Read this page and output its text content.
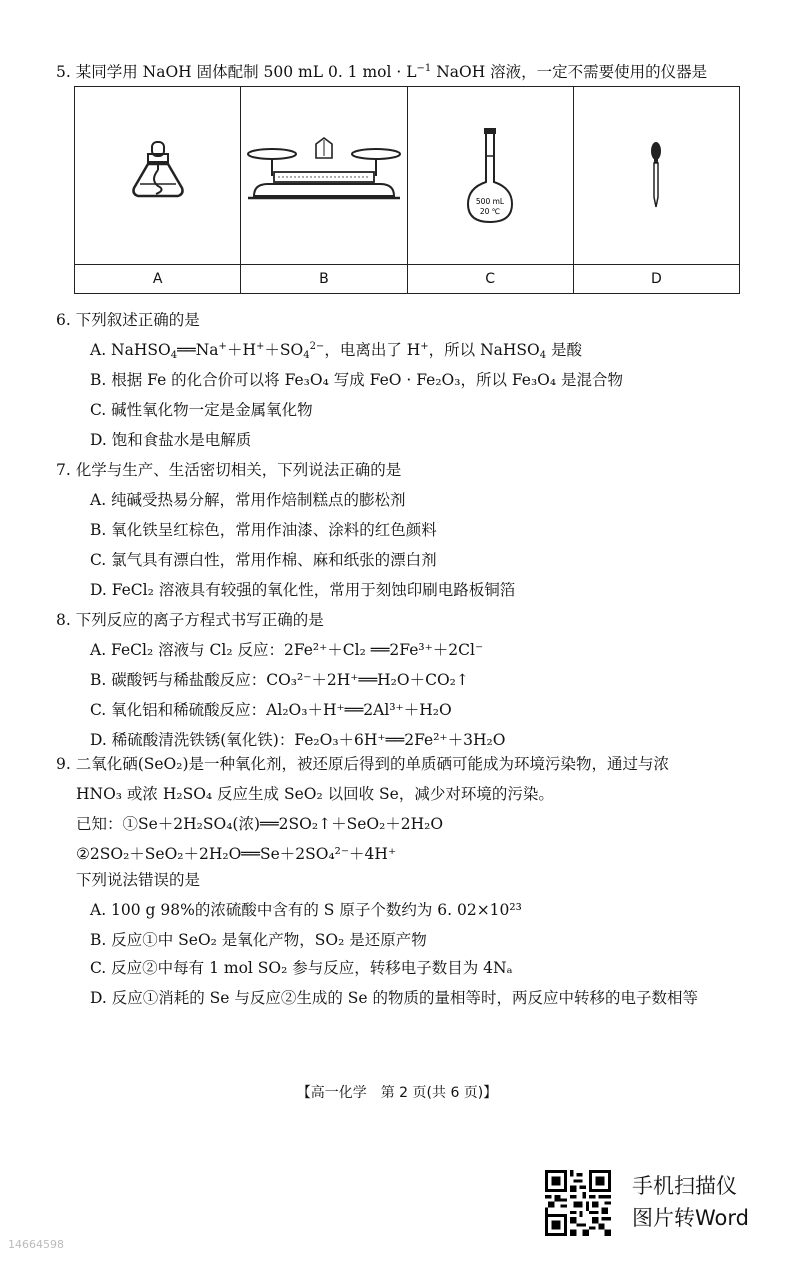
5. 某同学用 NaOH 固体配制 500 mL 0. 1 mol · $L^{-1}$ NaOH 溶液，一定不需要使用的仪器是
A	B
500 mL
20 ℃
C	D
6. 下列叙述正确的是
A. $NaHSO_4══Na^++H^++SO_4^{2-}$，电离出了 H+，所以 NaHSO$_4$ 是酸
B. 根据 Fe 的化合价可以将 Fe₃O₄ 写成 FeO · Fe₂O₃，所以 Fe₃O₄ 是混合物
C. 碱性氧化物一定是金属氧化物
D. 饱和食盐水是电解质
7. 化学与生产、生活密切相关，下列说法正确的是
A. 纯碱受热易分解，常用作焙制糕点的膨松剂
B. 氧化铁呈红棕色，常用作油漆、涂料的红色颜料
C. 氯气具有漂白性，常用作棉、麻和纸张的漂白剂
D. FeCl₂ 溶液具有较强的氧化性，常用于刻蚀印刷电路板铜箔
8. 下列反应的离子方程式书写正确的是
A. FeCl₂ 溶液与 Cl₂ 反应：2Fe²⁺＋Cl₂ ══2Fe³⁺＋2Cl⁻
B. 碳酸钙与稀盐酸反应：CO₃²⁻＋2H⁺══H₂O＋CO₂↑
C. 氧化铝和稀硫酸反应：Al₂O₃＋H⁺══2Al³⁺＋H₂O
D. 稀硫酸清洗铁锈(氧化铁)：Fe₂O₃＋6H⁺══2Fe²⁺＋3H₂O
9. 二氧化硒(SeO₂)是一种氧化剂，被还原后得到的单质硒可能成为环境污染物，通过与浓
HNO₃ 或浓 H₂SO₄ 反应生成 SeO₂ 以回收 Se，减少对环境的污染。
已知：①Se＋2H₂SO₄(浓)══2SO₂↑＋SeO₂＋2H₂O
②2SO₂＋SeO₂＋2H₂O══Se＋2SO₄²⁻＋4H⁺
下列说法错误的是
A. 100 g 98%的浓硫酸中含有的 S 原子个数约为 6. 02×10²³
B. 反应①中 SeO₂ 是氧化产物，SO₂ 是还原产物
C. 反应②中每有 1 mol SO₂ 参与反应，转移电子数目为 4Nₐ
D. 反应①消耗的 Se 与反应②生成的 Se 的物质的量相等时，两反应中转移的电子数相等
【高一化学　第 2 页(共 6 页)】
手机扫描仪
图片转Word
14664598
